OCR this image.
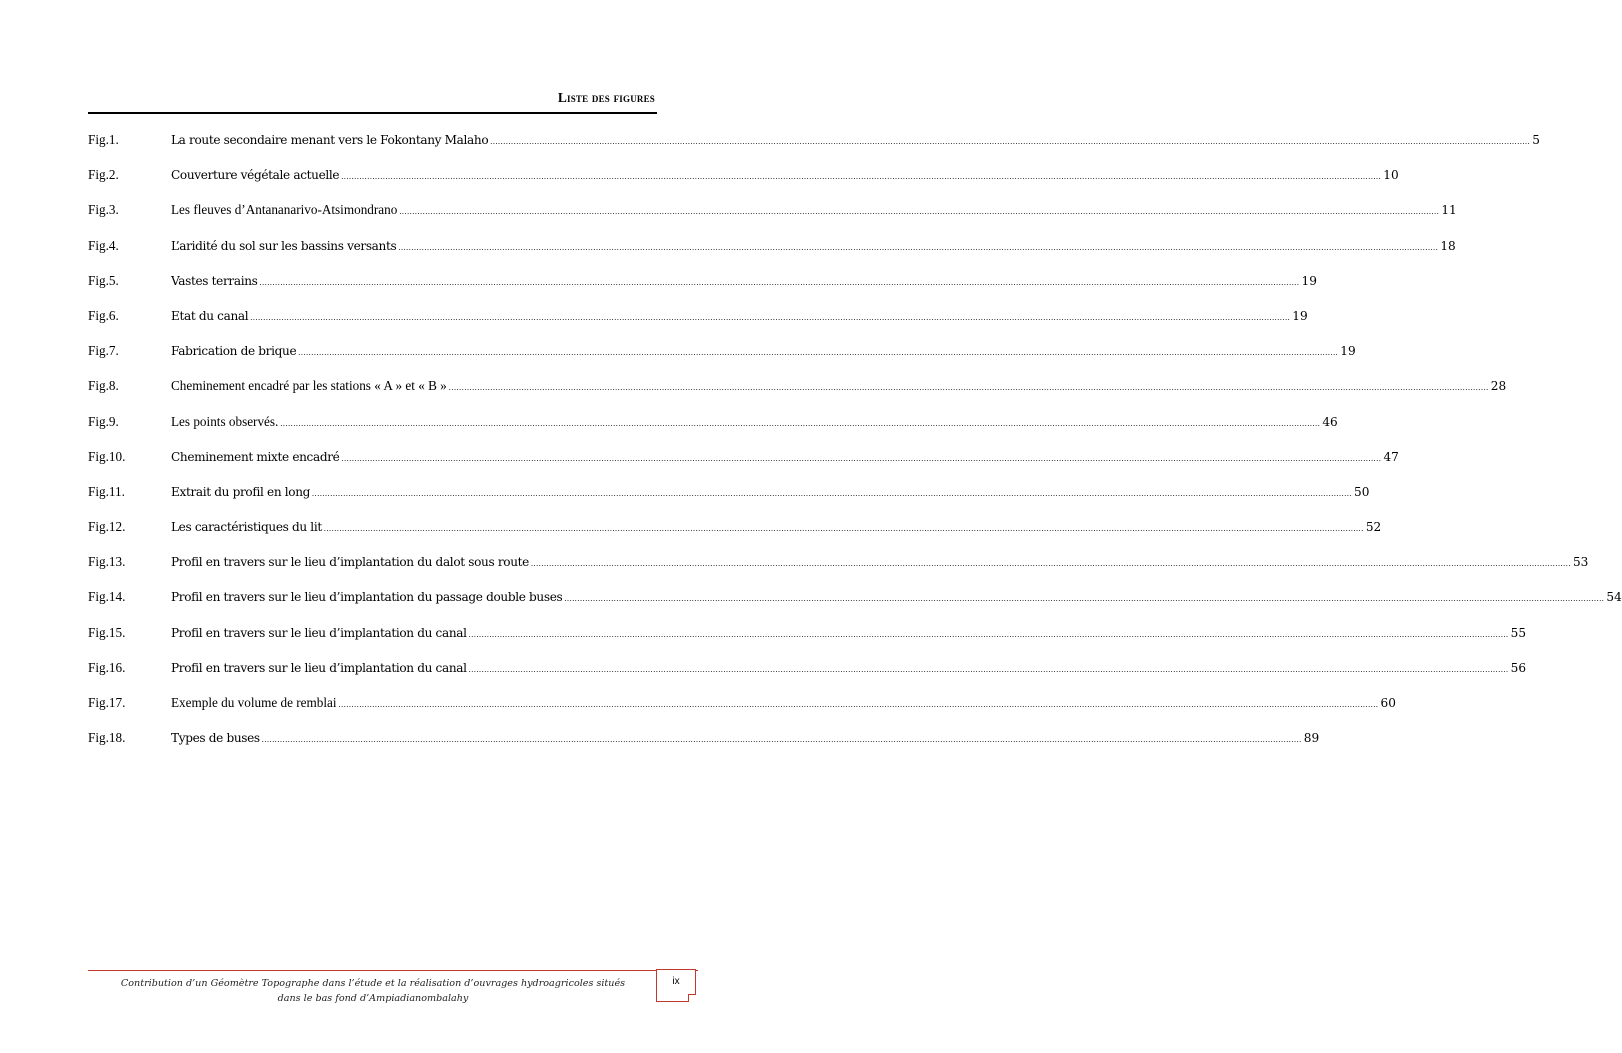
Liste des figures
Fig.1.	La route secondaire menant vers le Fokontany Malaho ................................................................................................................................................................................................................................................................................................................................................................................................................ 5
Fig.2.	Couverture végétale actuelle ................................................................................................................................................................................................................................................................................................................................................................................................................ 10
Fig.3.	Les fleuves d’Antananarivo-Atsimondrano ................................................................................................................................................................................................................................................................................................................................................................................................................ 11
Fig.4.	L’aridité du sol sur les bassins versants ................................................................................................................................................................................................................................................................................................................................................................................................................ 18
Fig.5.	Vastes terrains ................................................................................................................................................................................................................................................................................................................................................................................................................ 19
Fig.6.	Etat du canal ................................................................................................................................................................................................................................................................................................................................................................................................................ 19
Fig.7.	Fabrication de brique ................................................................................................................................................................................................................................................................................................................................................................................................................ 19
Fig.8.	Cheminement encadré par les stations « A » et « B » ................................................................................................................................................................................................................................................................................................................................................................................................................ 28
Fig.9.	Les points observés. ................................................................................................................................................................................................................................................................................................................................................................................................................ 46
Fig.10.	Cheminement mixte encadré ................................................................................................................................................................................................................................................................................................................................................................................................................ 47
Fig.11.	Extrait du profil en long ................................................................................................................................................................................................................................................................................................................................................................................................................ 50
Fig.12.	Les caractéristiques du lit ................................................................................................................................................................................................................................................................................................................................................................................................................ 52
Fig.13.	Profil en travers sur le lieu d’implantation du dalot sous route ................................................................................................................................................................................................................................................................................................................................................................................................................ 53
Fig.14.	Profil en travers sur le lieu d’implantation du passage double buses ................................................................................................................................................................................................................................................................................................................................................................................................................ 54
Fig.15.	Profil en travers sur le lieu d’implantation du canal ................................................................................................................................................................................................................................................................................................................................................................................................................ 55
Fig.16.	Profil en travers sur le lieu d’implantation du canal ................................................................................................................................................................................................................................................................................................................................................................................................................ 56
Fig.17.	Exemple du volume de remblai ................................................................................................................................................................................................................................................................................................................................................................................................................ 60
Fig.18.	Types de buses ................................................................................................................................................................................................................................................................................................................................................................................................................ 89

Contribution d’un Géomètre Topographe dans l’étude et la réalisation d’ouvrages hydroagricoles situés dans le bas fond d’Ampiadianombalahy

ix
